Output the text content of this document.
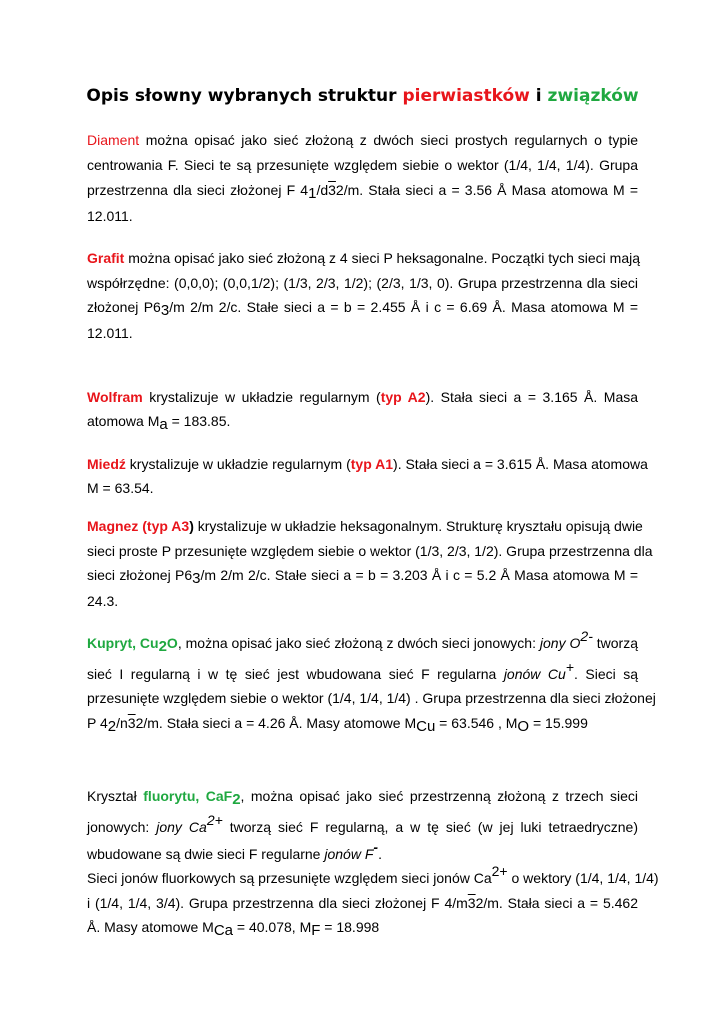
Opis słowny wybranych struktur pierwiastków i związków
Diament można opisać jako sieć złożoną z dwóch sieci prostych regularnych o typie
centrowania F. Sieci te są przesunięte względem siebie o wektor (1/4, 1/4, 1/4). Grupa
przestrzenna dla sieci złożonej F $4_1/d32/m$. Stała sieci a = 3.56 Å Masa atomowa M =
12.011.
Grafit można opisać jako sieć złożoną z 4 sieci P heksagonalne. Początki tych sieci mają
współrzędne: (0,0,0); (0,0,1/2); (1/3, 2/3, 1/2); (2/3, 1/3, 0). Grupa przestrzenna dla sieci
złożonej $P6_3/m$ 2/m 2/c. Stałe sieci a = b = 2.455 Å i c = 6.69 Å. Masa atomowa M =
12.011.
Wolfram krystalizuje w układzie regularnym (typ A2). Stała sieci a = 3.165 Å. Masa
atomowa $M_a = 183.85$.
Miedź krystalizuje w układzie regularnym (typ A1). Stała sieci a = 3.615 Å. Masa atomowa
M = 63.54.
Magnez (typ A3) krystalizuje w układzie heksagonalnym. Strukturę kryształu opisują dwie
sieci proste P przesunięte względem siebie o wektor (1/3, 2/3, 1/2). Grupa przestrzenna dla
sieci złożonej $P6_3/m$ 2/m 2/c. Stałe sieci a = b = 3.203 Å i c = 5.2 Å Masa atomowa M =
24.3.
Kupryt, $Cu_2O$, można opisać jako sieć złożoną z dwóch sieci jonowych: jony $O^{2-}$ tworzą
sieć I regularną i w tę sieć jest wbudowana sieć F regularna jonów Cu+. Sieci są
przesunięte względem siebie o wektor (1/4, 1/4, 1/4) . Grupa przestrzenna dla sieci złożonej
P $4_2/n32/m$. Stała sieci a = 4.26 Å. Masy atomowe $M_{Cu} = 63.546$ , $M_O = 15.999$
Kryształ fluorytu, CaF$_2$, można opisać jako sieć przestrzenną złożoną z trzech sieci
jonowych: jony $Ca^{2+}$ tworzą sieć F regularną, a w tę sieć (w jej luki tetraedryczne)
wbudowane są dwie sieci F regularne jonów F-.
Sieci jonów fluorkowych są przesunięte względem sieci jonów $Ca^{2+}$ o wektory (1/4, 1/4, 1/4)
i (1/4, 1/4, 3/4). Grupa przestrzenna dla sieci złożonej F 4/m32/m. Stała sieci a = 5.462
Å. Masy atomowe $M_{Ca} = 40.078$, $M_F = 18.998$
